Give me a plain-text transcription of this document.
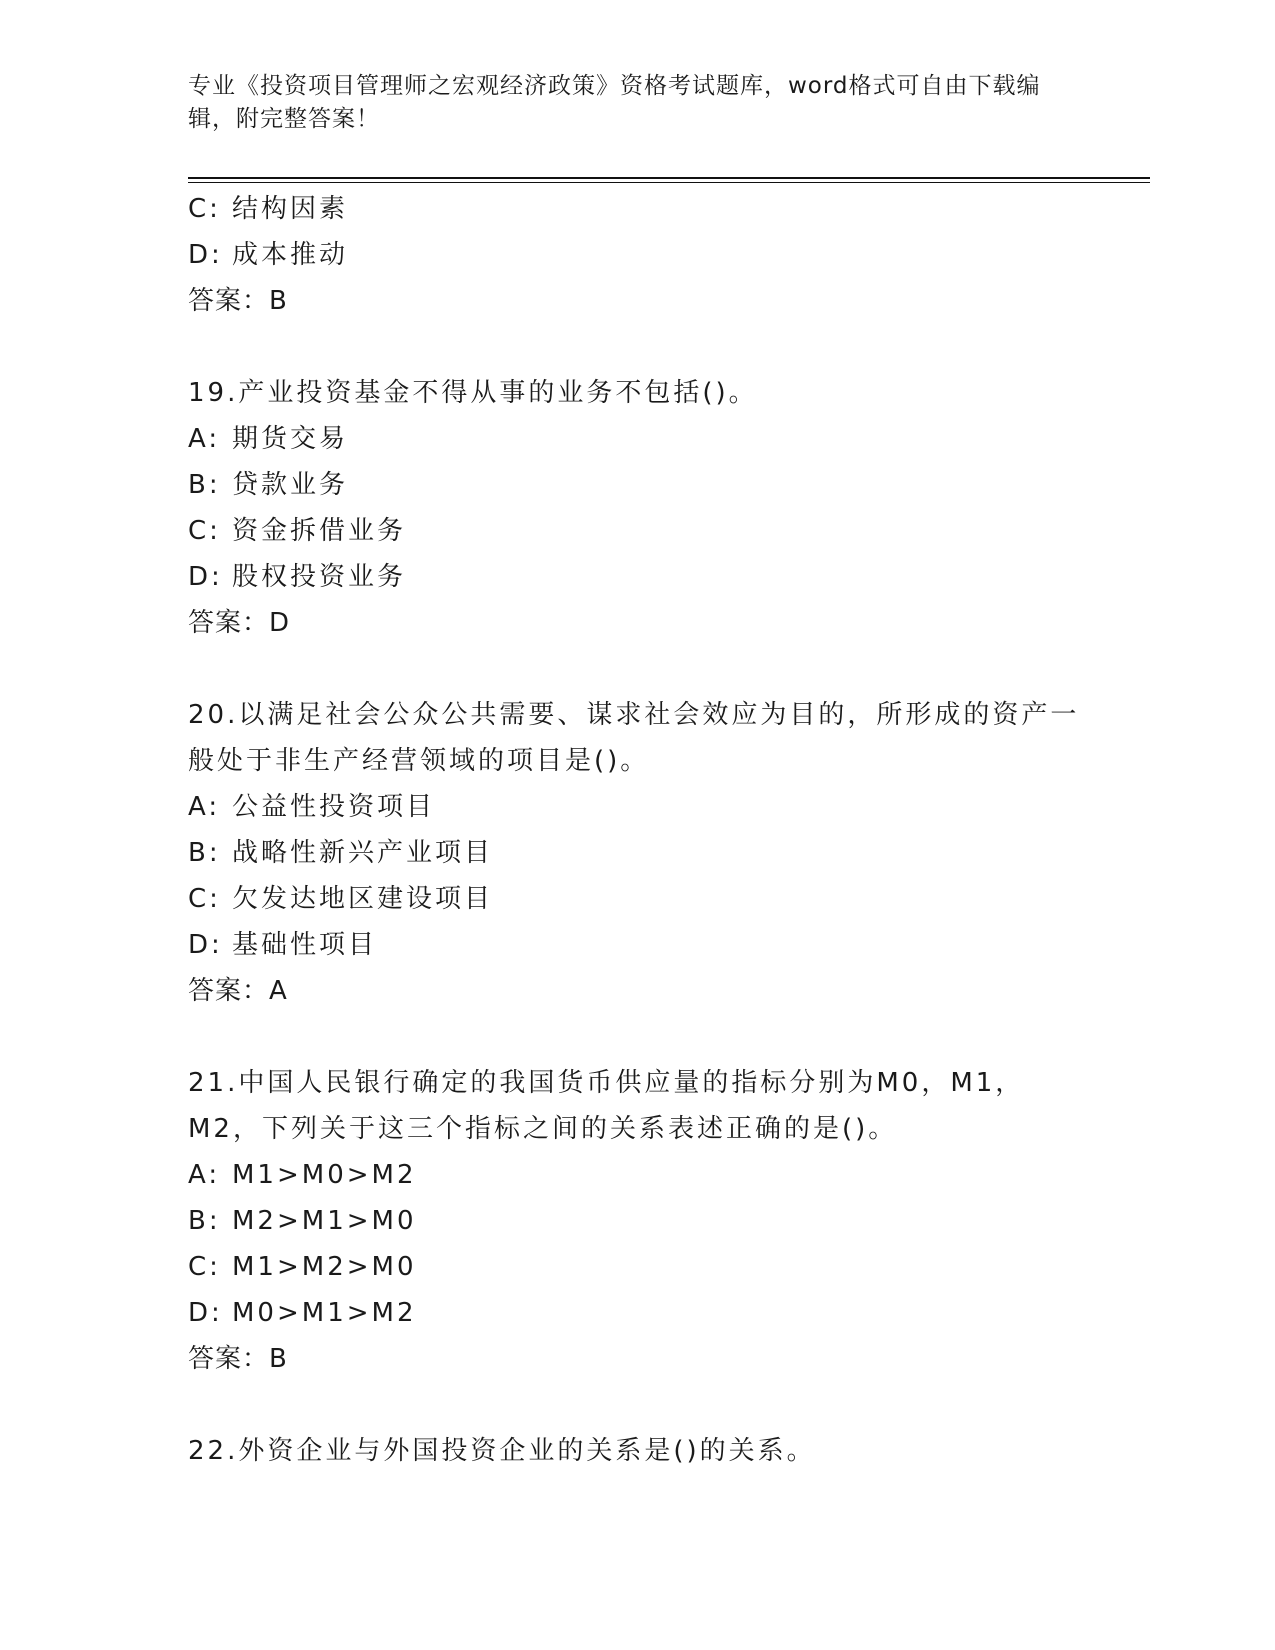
专业《投资项目管理师之宏观经济政策》资格考试题库，word格式可自由下载编辑，附完整答案！
C: 结构因素
D: 成本推动
答案：B
19.产业投资基金不得从事的业务不包括()。
A: 期货交易
B: 贷款业务
C: 资金拆借业务
D: 股权投资业务
答案：D
20.以满足社会公众公共需要、谋求社会效应为目的，所形成的资产一般处于非生产经营领域的项目是()。
A: 公益性投资项目
B: 战略性新兴产业项目
C: 欠发达地区建设项目
D: 基础性项目
答案：A
21.中国人民银行确定的我国货币供应量的指标分别为M0，M1，M2，下列关于这三个指标之间的关系表述正确的是()。
A: M1>M0>M2
B: M2>M1>M0
C: M1>M2>M0
D: M0>M1>M2
答案：B
22.外资企业与外国投资企业的关系是()的关系。
